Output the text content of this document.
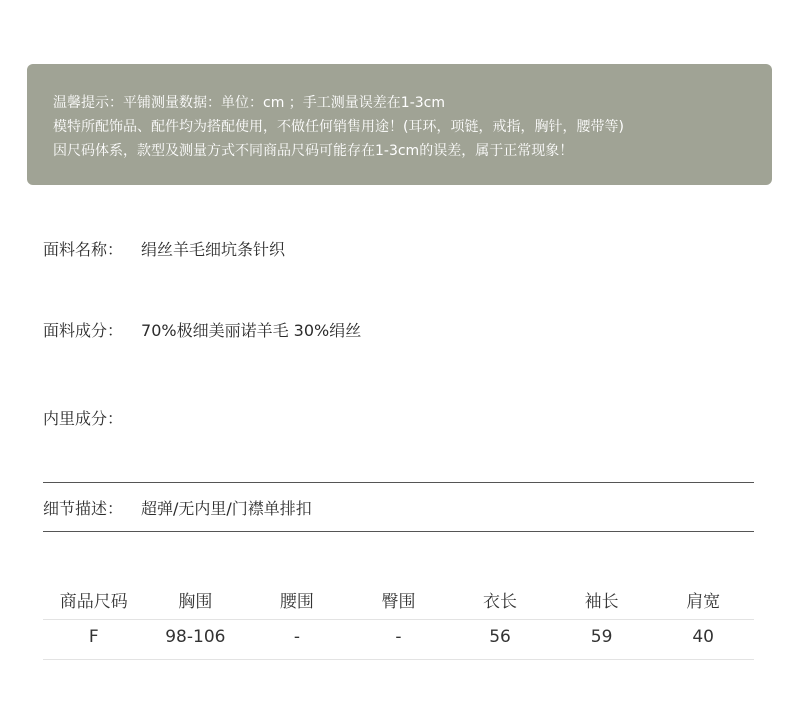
温馨提示：平铺测量数据：单位：cm ；手工测量误差在1-3cm
模特所配饰品、配件均为搭配使用，不做任何销售用途！(耳环，项链，戒指，胸针，腰带等)
因尺码体系，款型及测量方式不同商品尺码可能存在1-3cm的误差，属于正常现象！
面料名称： 绢丝羊毛细坑条针织
面料成分： 70%极细美丽诺羊毛 30%绢丝
内里成分：
细节描述： 超弹/无内里/门襟单排扣
商品尺码	胸围	腰围	臀围	衣长	袖长	肩宽
F	98-106	-	-	56	59	40
